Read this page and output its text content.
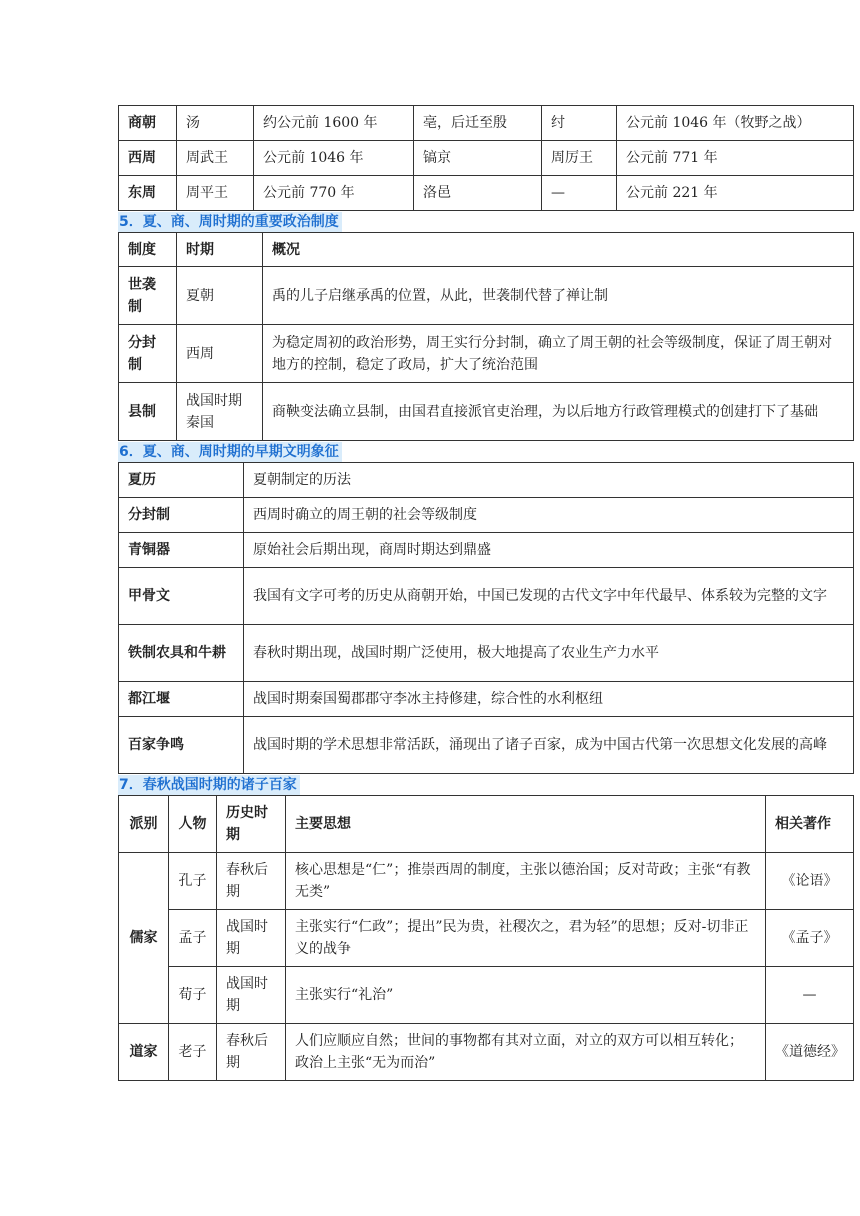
商朝	汤	约公元前 1600 年	亳，后迁至殷	纣	公元前 1046 年（牧野之战）
西周	周武王	公元前 1046 年	镐京	周厉王	公元前 771 年
东周	周平王	公元前 770 年	洛邑	—	公元前 221 年
5．夏、商、周时期的重要政治制度
制度	时期	概况
世袭制	夏朝	禹的儿子启继承禹的位置，从此，世袭制代替了禅让制
分封制	西周	为稳定周初的政治形势，周王实行分封制，确立了周王朝的社会等级制度，保证了周王朝对地方的控制，稳定了政局，扩大了统治范围
县制	战国时期秦国	商鞅变法确立县制，由国君直接派官吏治理，为以后地方行政管理模式的创建打下了基础
6．夏、商、周时期的早期文明象征
夏历	夏朝制定的历法
分封制	西周时确立的周王朝的社会等级制度
青铜器	原始社会后期出现，商周时期达到鼎盛
甲骨文	我国有文字可考的历史从商朝开始，中国已发现的古代文字中年代最早、体系较为完整的文字
铁制农具和牛耕	春秋时期出现，战国时期广泛使用，极大地提高了农业生产力水平
都江堰	战国时期秦国蜀郡郡守李冰主持修建，综合性的水利枢纽
百家争鸣	战国时期的学术思想非常活跃，涌现出了诸子百家，成为中国古代第一次思想文化发展的高峰
7．春秋战国时期的诸子百家
派别	人物	历史时期	主要思想	相关著作
儒家	孔子	春秋后期	核心思想是“仁”；推崇西周的制度，主张以德治国；反对苛政；主张“有教无类”	《论语》
	孟子	战国时期	主张实行“仁政”；提出”民为贵，社稷次之，君为轻”的思想；反对-切非正义的战争	《孟子》
	荀子	战国时期	主张实行“礼治”	—
道家	老子	春秋后期	人们应顺应自然；世间的事物都有其对立面，对立的双方可以相互转化；政治上主张“无为而治”	《道德经》
